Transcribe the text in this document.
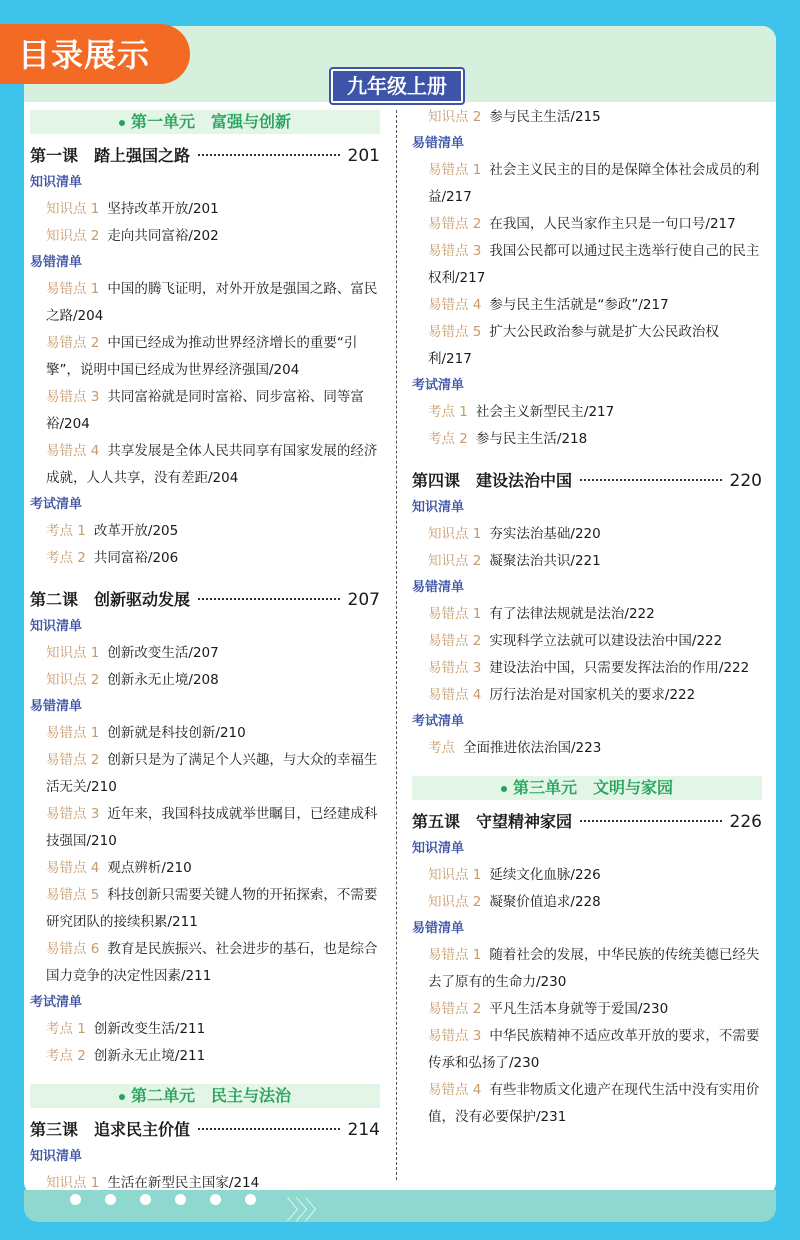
〉〉〉
目录展示
九年级上册
第一单元　富强与创新
第一课　踏上强国之路	201
知识清单
知识点 1 坚持改革开放/201
知识点 2 走向共同富裕/202
易错清单
易错点 1 中国的腾飞证明，对外开放是强国之路、富民之路/204
易错点 2 中国已经成为推动世界经济增长的重要“引擎”，说明中国已经成为世界经济强国/204
易错点 3 共同富裕就是同时富裕、同步富裕、同等富裕/204
易错点 4 共享发展是全体人民共同享有国家发展的经济成就，人人共享，没有差距/204
考试清单
考点 1 改革开放/205
考点 2 共同富裕/206
第二课　创新驱动发展	207
知识清单
知识点 1 创新改变生活/207
知识点 2 创新永无止境/208
易错清单
易错点 1 创新就是科技创新/210
易错点 2 创新只是为了满足个人兴趣，与大众的幸福生活无关/210
易错点 3 近年来，我国科技成就举世瞩目，已经建成科技强国/210
易错点 4 观点辨析/210
易错点 5 科技创新只需要关键人物的开拓探索，不需要研究团队的接续积累/211
易错点 6 教育是民族振兴、社会进步的基石，也是综合国力竞争的决定性因素/211
考试清单
考点 1 创新改变生活/211
考点 2 创新永无止境/211
第二单元　民主与法治
第三课　追求民主价值	214
知识清单
知识点 1 生活在新型民主国家/214
知识点 2 参与民主生活/215
易错清单
易错点 1 社会主义民主的目的是保障全体社会成员的利益/217
易错点 2 在我国，人民当家作主只是一句口号/217
易错点 3 我国公民都可以通过民主选举行使自己的民主权利/217
易错点 4 参与民主生活就是“参政”/217
易错点 5 扩大公民政治参与就是扩大公民政治权利/217
考试清单
考点 1 社会主义新型民主/217
考点 2 参与民主生活/218
第四课　建设法治中国	220
知识清单
知识点 1 夯实法治基础/220
知识点 2 凝聚法治共识/221
易错清单
易错点 1 有了法律法规就是法治/222
易错点 2 实现科学立法就可以建设法治中国/222
易错点 3 建设法治中国，只需要发挥法治的作用/222
易错点 4 厉行法治是对国家机关的要求/222
考试清单
考点 全面推进依法治国/223
第三单元　文明与家园
第五课　守望精神家园	226
知识清单
知识点 1 延续文化血脉/226
知识点 2 凝聚价值追求/228
易错清单
易错点 1 随着社会的发展，中华民族的传统美德已经失去了原有的生命力/230
易错点 2 平凡生活本身就等于爱国/230
易错点 3 中华民族精神不适应改革开放的要求，不需要传承和弘扬了/230
易错点 4 有些非物质文化遗产在现代生活中没有实用价值，没有必要保护/231
